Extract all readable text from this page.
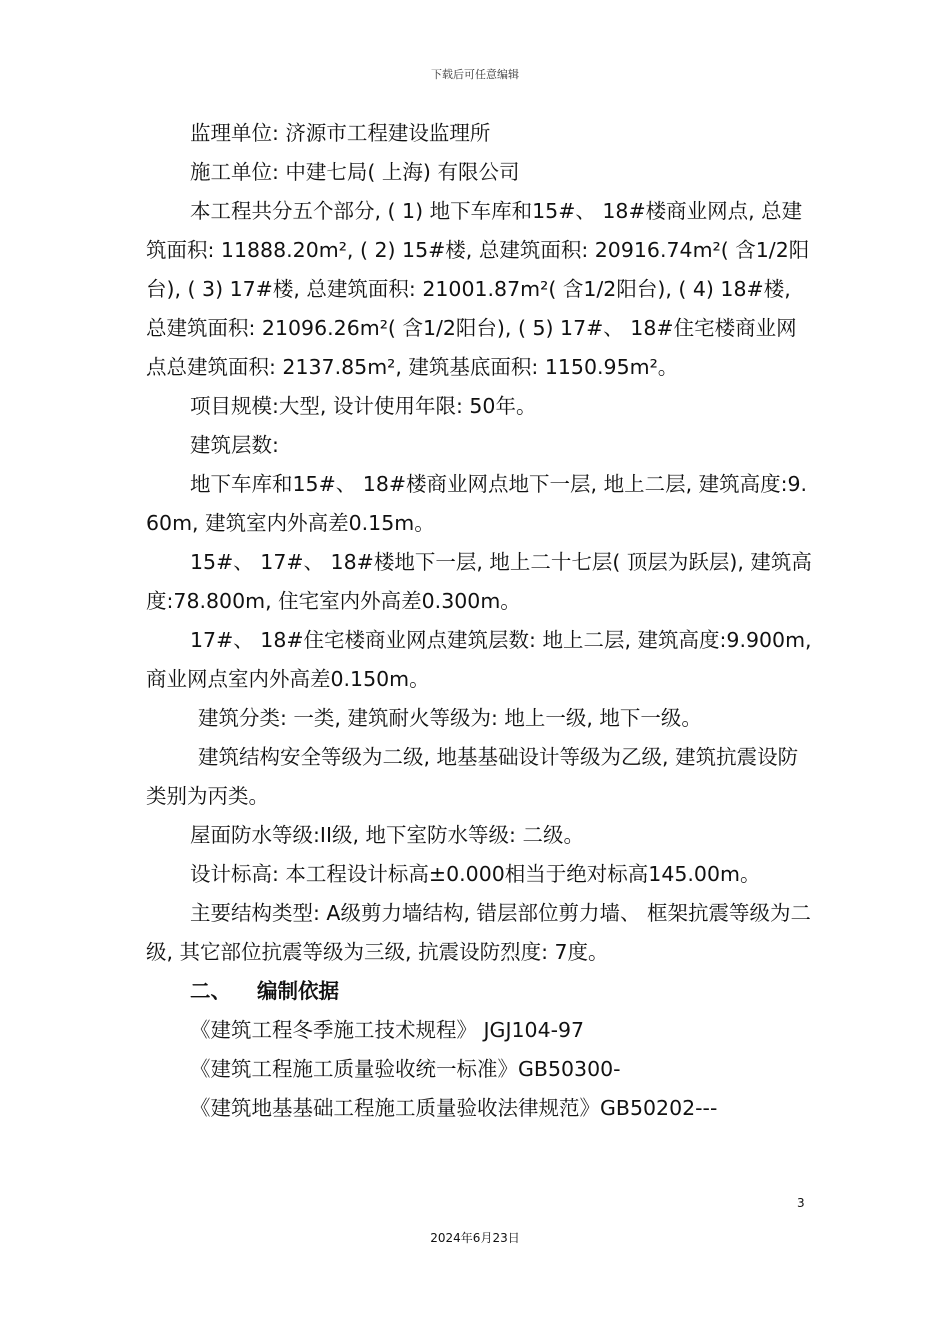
下载后可任意编辑

监理单位: 济源市工程建设监理所

施工单位: 中建七局( 上海) 有限公司

本工程共分五个部分, ( 1) 地下车库和15#、 18#楼商业网点, 总建筑面积: 11888.20m², ( 2) 15#楼, 总建筑面积: 20916.74m²( 含1/2阳台), ( 3) 17#楼, 总建筑面积: 21001.87m²( 含1/2阳台), ( 4) 18#楼, 总建筑面积: 21096.26m²( 含1/2阳台), ( 5) 17#、 18#住宅楼商业网点总建筑面积: 2137.85m², 建筑基底面积: 1150.95m²。

项目规模:大型, 设计使用年限: 50年。

建筑层数:

地下车库和15#、 18#楼商业网点地下一层, 地上二层, 建筑高度:9.60m, 建筑室内外高差0.15m。

15#、 17#、 18#楼地下一层, 地上二十七层( 顶层为跃层), 建筑高度:78.800m, 住宅室内外高差0.300m。

17#、 18#住宅楼商业网点建筑层数: 地上二层, 建筑高度:9.900m, 商业网点室内外高差0.150m。

建筑分类: 一类, 建筑耐火等级为: 地上一级, 地下一级。

建筑结构安全等级为二级, 地基基础设计等级为乙级, 建筑抗震设防类别为丙类。

屋面防水等级:II级, 地下室防水等级: 二级。

设计标高: 本工程设计标高±0.000相当于绝对标高145.00m。

主要结构类型: A级剪力墙结构, 错层部位剪力墙、 框架抗震等级为二级, 其它部位抗震等级为三级, 抗震设防烈度: 7度。

二、 编制依据

《建筑工程冬季施工技术规程》 JGJ104-97

《建筑工程施工质量验收统一标准》GB50300-

《建筑地基基础工程施工质量验收法律规范》GB50202---

3
2024年6月23日
